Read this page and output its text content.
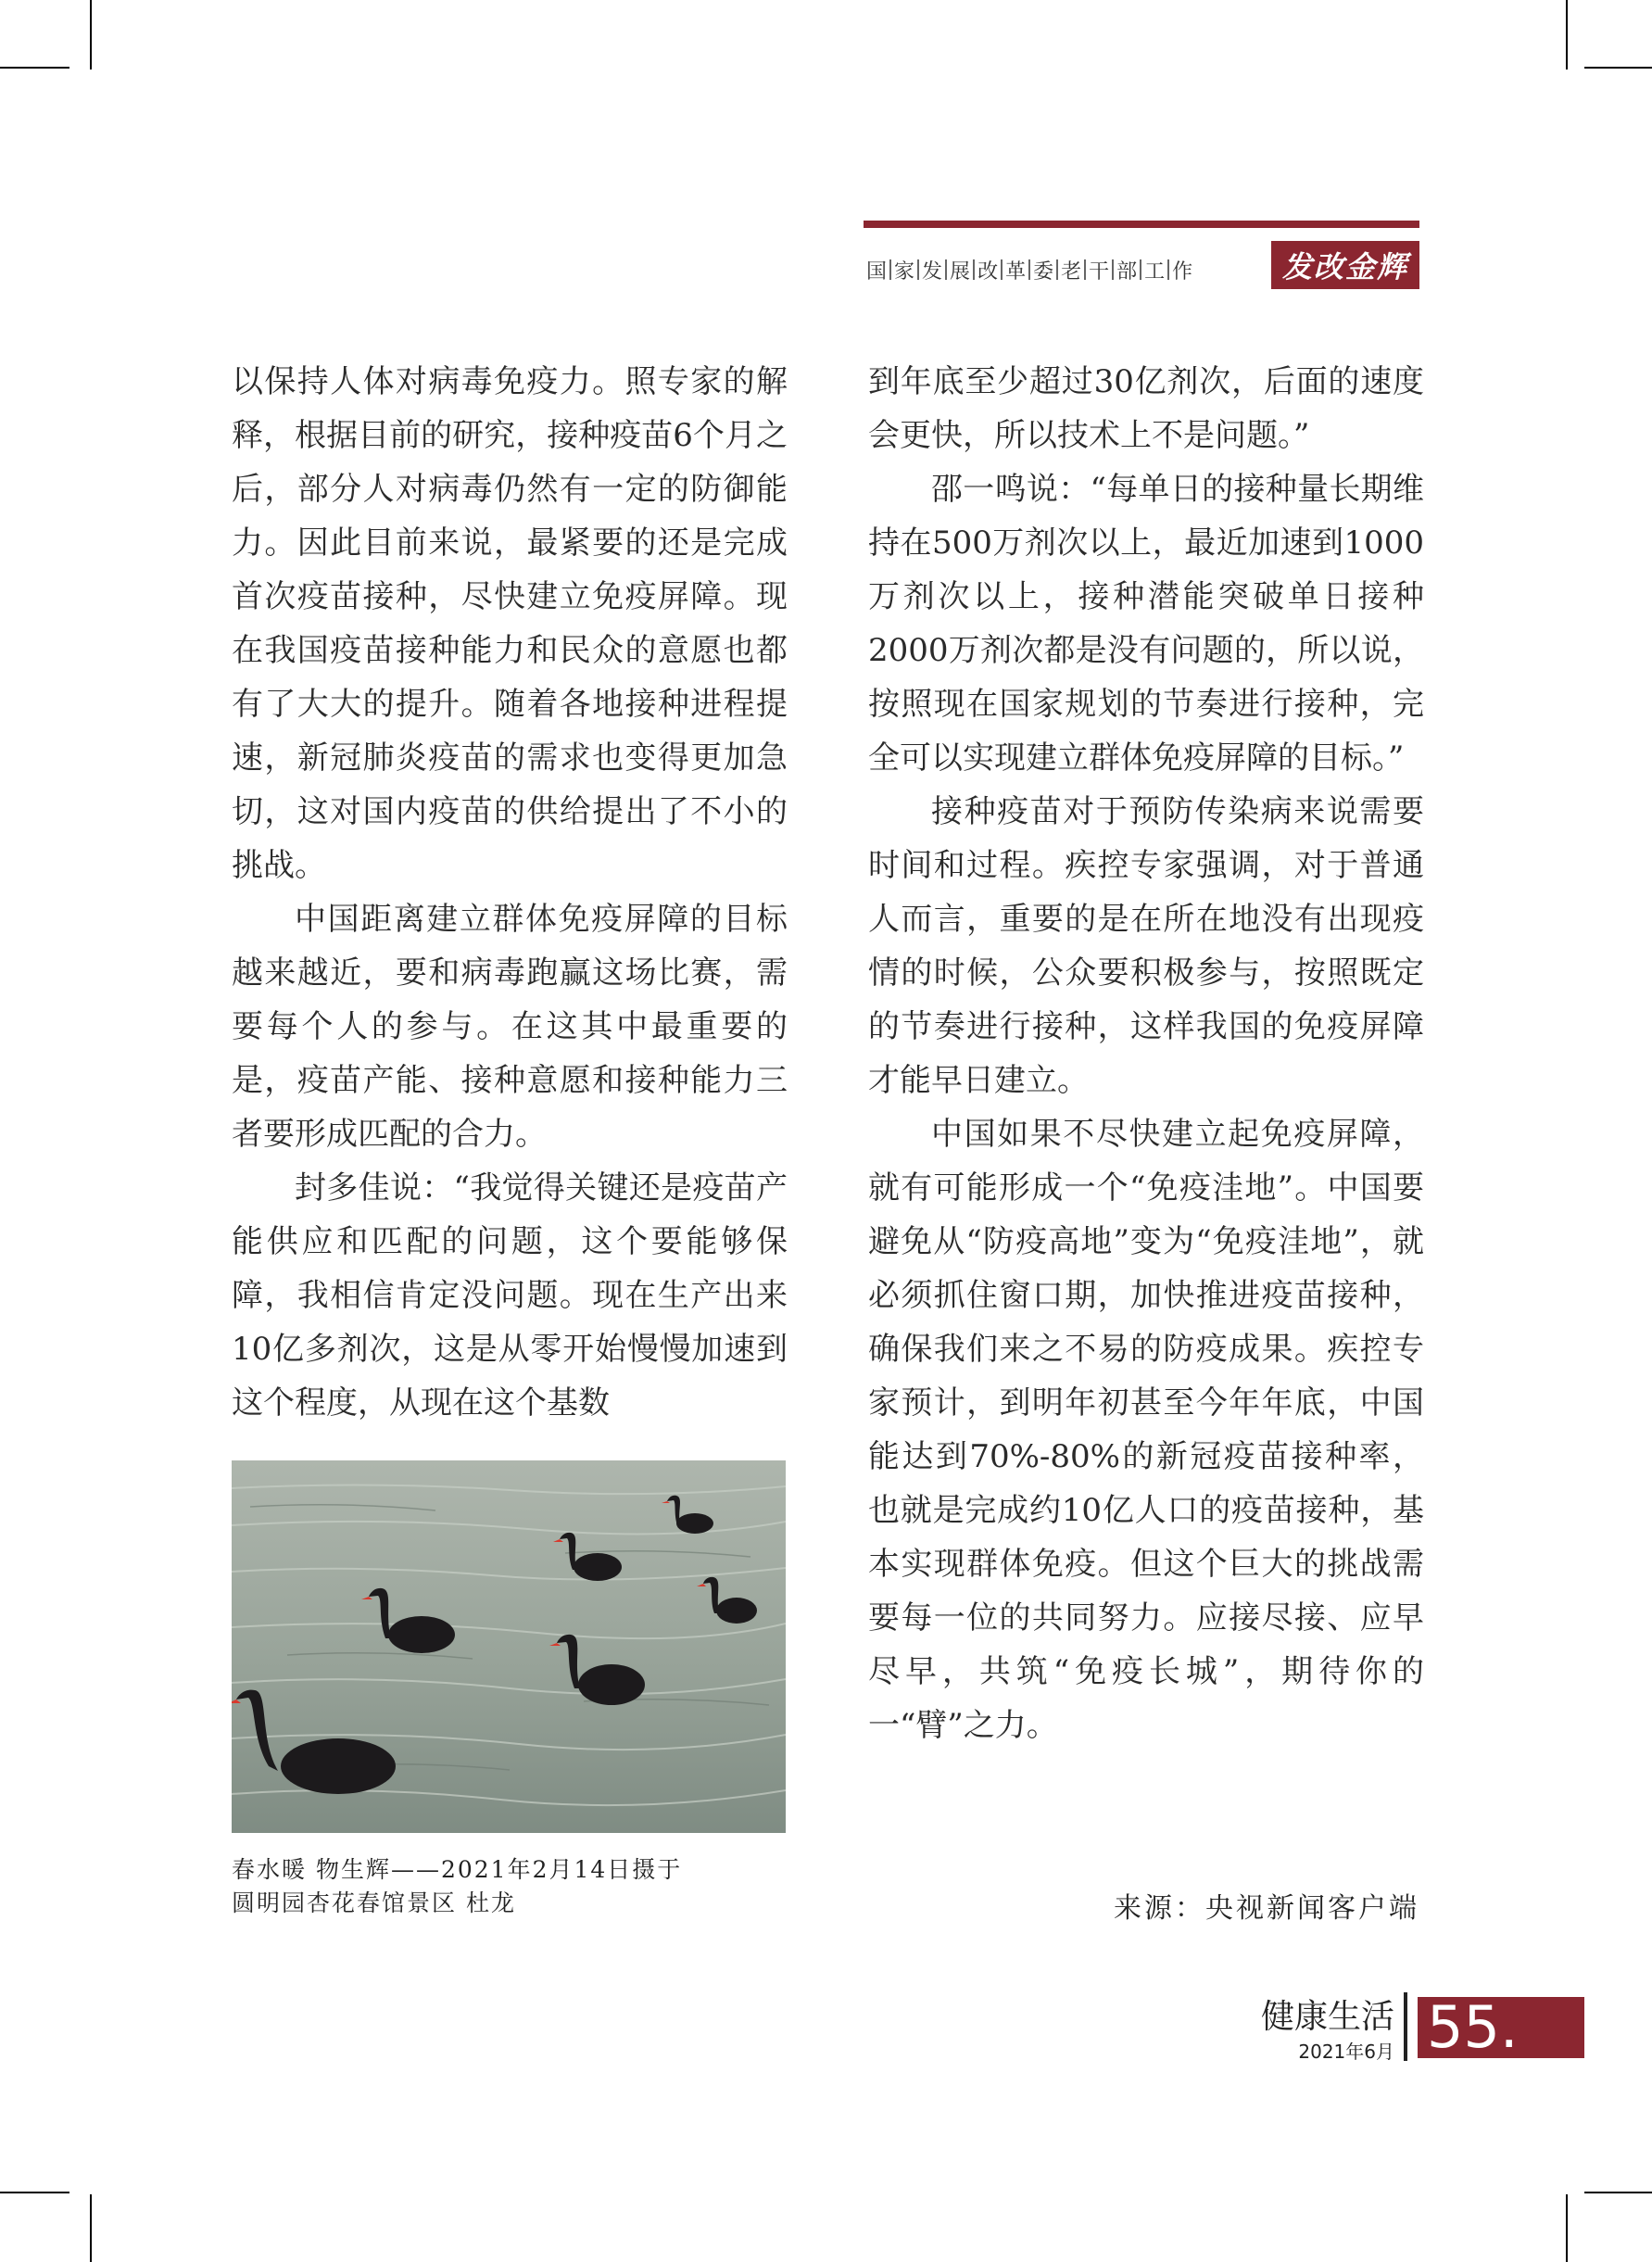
国 家 发 展 改 革 委 老 干 部 工 作	发改金辉

以保持人体对病毒免疫力。照专家的解释，根据目前的研究，接种疫苗6个月之后，部分人对病毒仍然有一定的防御能力。因此目前来说，最紧要的还是完成首次疫苗接种，尽快建立免疫屏障。现在我国疫苗接种能力和民众的意愿也都有了大大的提升。随着各地接种进程提速，新冠肺炎疫苗的需求也变得更加急切，这对国内疫苗的供给提出了不小的挑战。

中国距离建立群体免疫屏障的目标越来越近，要和病毒跑赢这场比赛，需要每个人的参与。在这其中最重要的是，疫苗产能、接种意愿和接种能力三者要形成匹配的合力。

封多佳说：“我觉得关键还是疫苗产能供应和匹配的问题，这个要能够保障，我相信肯定没问题。现在生产出来10亿多剂次，这是从零开始慢慢加速到这个程度，从现在这个基数

到年底至少超过30亿剂次，后面的速度会更快，所以技术上不是问题。”

邵一鸣说：“每单日的接种量长期维持在500万剂次以上，最近加速到1000万剂次以上，接种潜能突破单日接种2000万剂次都是没有问题的，所以说，按照现在国家规划的节奏进行接种，完全可以实现建立群体免疫屏障的目标。”

接种疫苗对于预防传染病来说需要时间和过程。疾控专家强调，对于普通人而言，重要的是在所在地没有出现疫情的时候，公众要积极参与，按照既定的节奏进行接种，这样我国的免疫屏障才能早日建立。

中国如果不尽快建立起免疫屏障，就有可能形成一个“免疫洼地”。中国要避免从“防疫高地”变为“免疫洼地”，就必须抓住窗口期，加快推进疫苗接种，确保我们来之不易的防疫成果。疾控专家预计，到明年初甚至今年年底，中国能达到70%-80%的新冠疫苗接种率，也就是完成约10亿人口的疫苗接种，基本实现群体免疫。但这个巨大的挑战需要每一位的共同努力。应接尽接、应早尽早，共筑“免疫长城”，期待你的一“臂”之力。

春水暖 物生辉——2021年2月14日摄于
圆明园杏花春馆景区 杜龙	来源：央视新闻客户端
健康生活
2021年6月 55.
